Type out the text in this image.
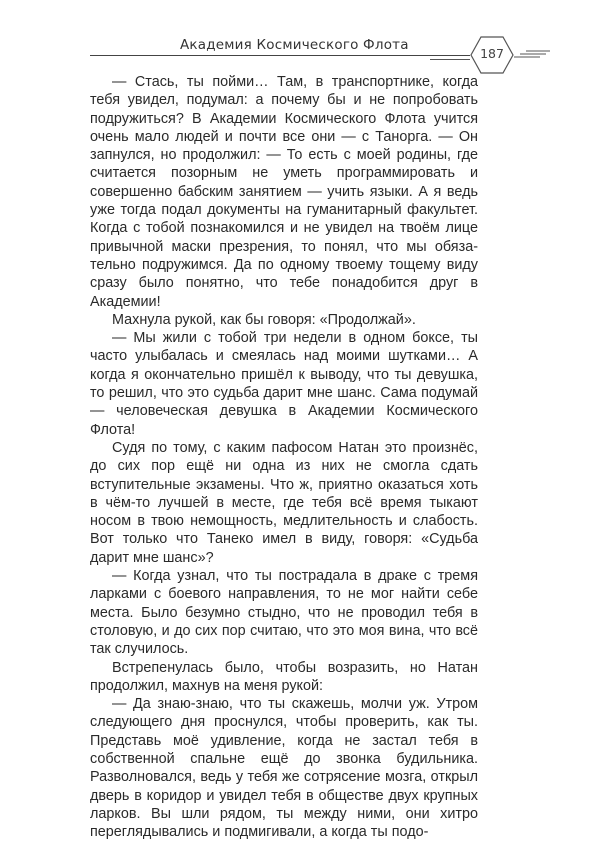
Академия Космического Флота
187

— Стась, ты пойми… Там, в транспортнике, когда тебя увидел, подумал: а почему бы и не попробовать подружиться? В Академии Космического Флота учится очень мало людей и почти все они — с Танорга. — Он запнулся, но продолжил: — То есть с моей родины, где считается позорным не уметь программировать и совершенно бабским занятием — учить языки. А я ведь уже тогда подал документы на гуманитарный факультет. Когда с тобой познакомился и не увидел на твоём лице привычной маски презрения, то понял, что мы обязательно подружимся. Да по одному твоему тощему виду сразу было понятно, что тебе понадобится друг в Академии!

Махнула рукой, как бы говоря: «Продолжай».

— Мы жили с тобой три недели в одном боксе, ты часто улыбалась и смеялась над моими шутками… А когда я окончательно пришёл к выводу, что ты девушка, то решил, что это судьба дарит мне шанс. Сама подумай — человеческая девушка в Академии Космического Флота!

Судя по тому, с каким пафосом Натан это произнёс, до сих пор ещё ни одна из них не смогла сдать вступительные экзамены. Что ж, приятно оказаться хоть в чём-то лучшей в месте, где тебя всё время тыкают носом в твою немощность, медлительность и слабость. Вот только что Танеко имел в виду, говоря: «Судьба дарит мне шанс»?

— Когда узнал, что ты пострадала в драке с тремя ларками с боевого направления, то не мог найти себе места. Было безумно стыдно, что не проводил тебя в столовую, и до сих пор считаю, что это моя вина, что всё так случилось.

Встрепенулась было, чтобы возразить, но Натан продолжил, махнув на меня рукой:

— Да знаю-знаю, что ты скажешь, молчи уж. Утром следующего дня проснулся, чтобы проверить, как ты. Представь моё удивление, когда не застал тебя в собственной спальне ещё до звонка будильника. Разволновался, ведь у тебя же сотрясение мозга, открыл дверь в коридор и увидел тебя в обществе двух крупных ларков. Вы шли рядом, ты между ними, они хитро переглядывались и подмигивали, а когда ты подо-
